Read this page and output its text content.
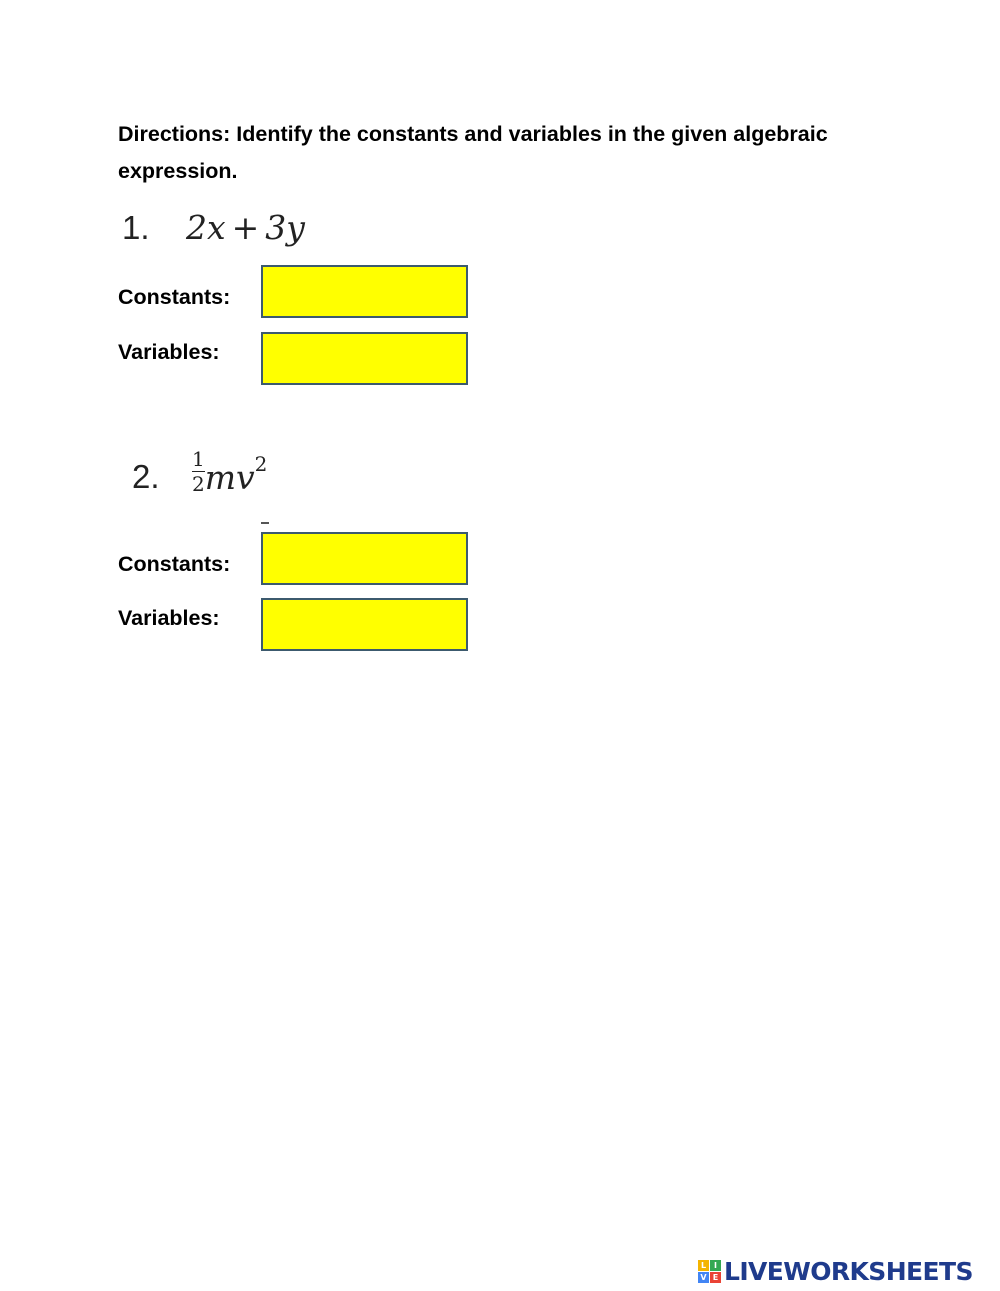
Directions: Identify the constants and variables in the given algebraic expression.

1. 2x + 3y
Constants:
Variables:
2. $\frac{1}{2}mv^2$
Constants:
Variables:
L I
V E LIVEWORKSHEETS
